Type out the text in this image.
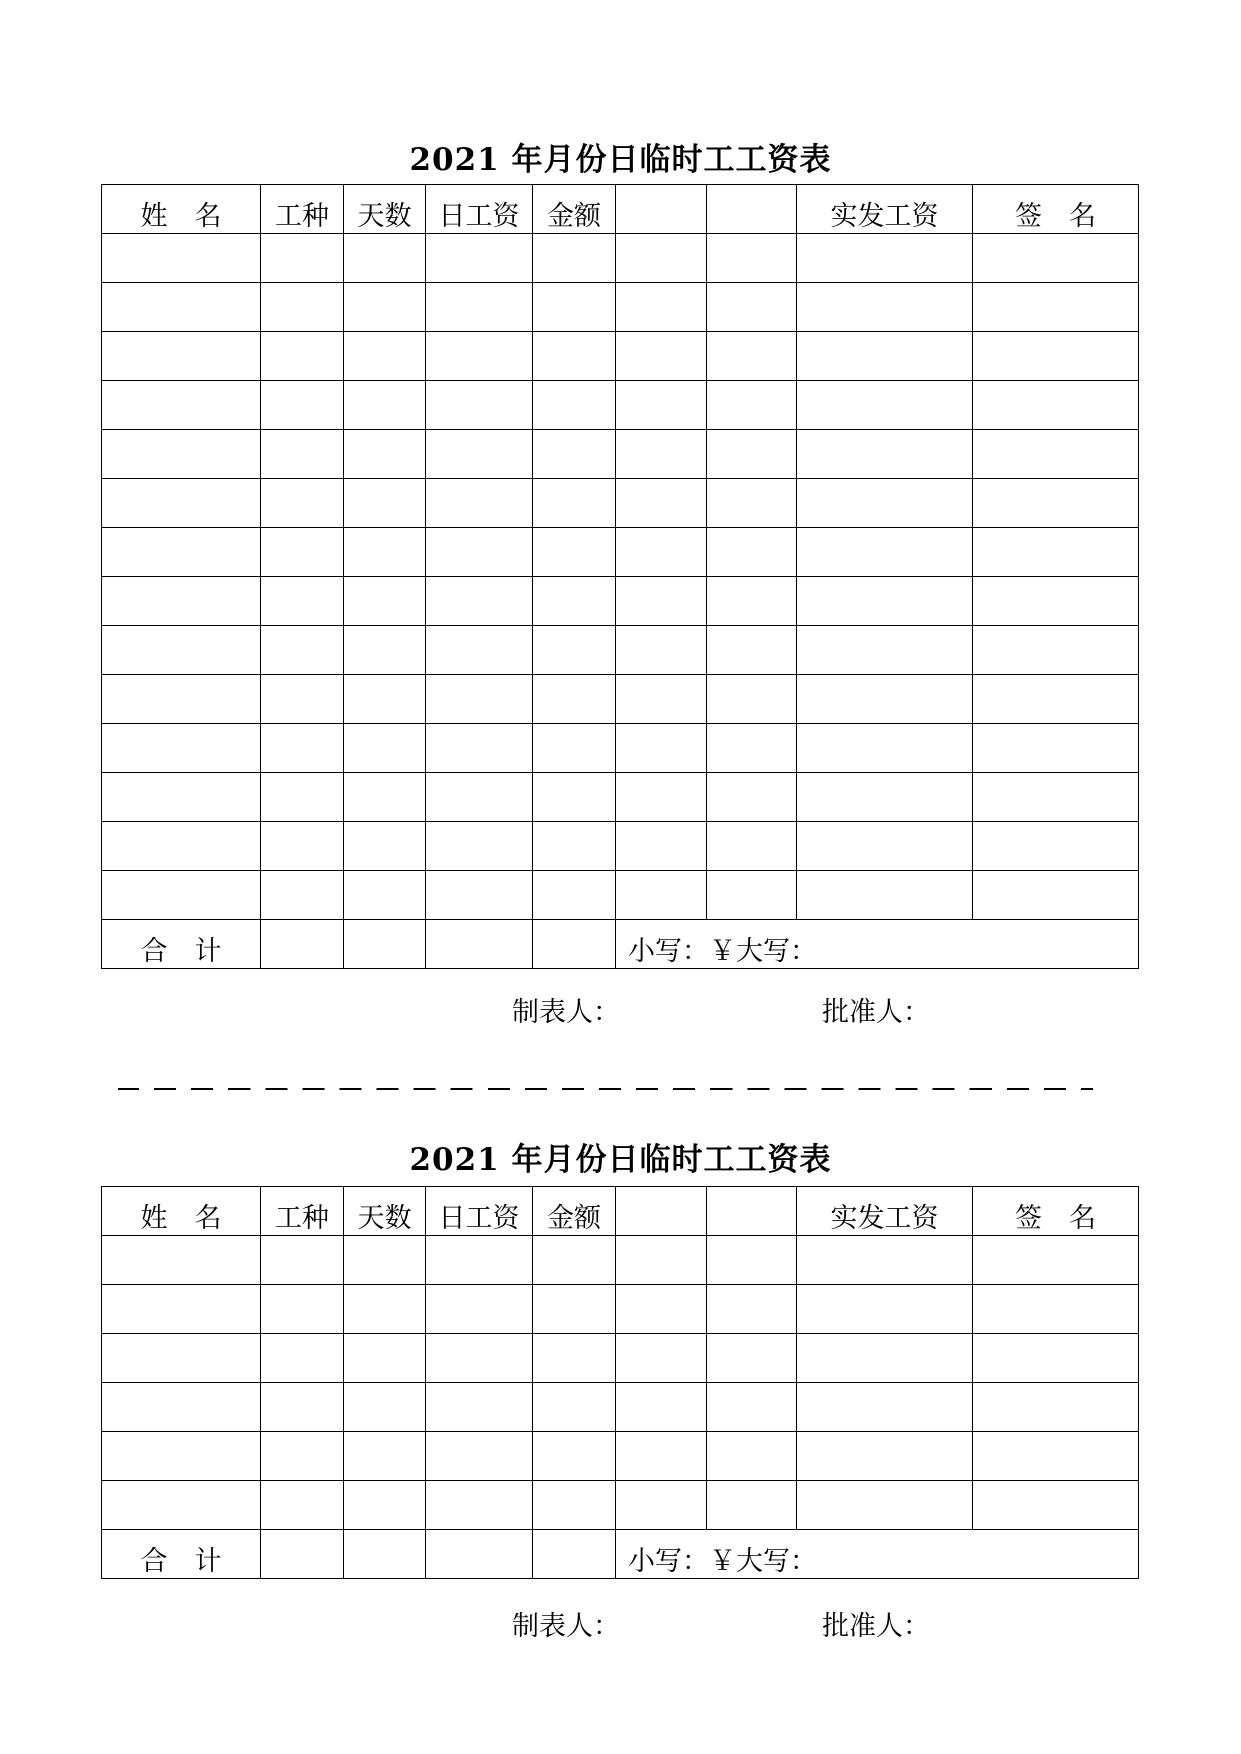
2021 年月份日临时工工资表
姓　名	工种	天数	日工资	金额			实发工资	签　名

合　计					小写：￥大写：			
制表人：	批准人：
2021 年月份日临时工工资表
姓　名	工种	天数	日工资	金额			实发工资	签　名

合　计					小写：￥大写：			
制表人：	批准人：
